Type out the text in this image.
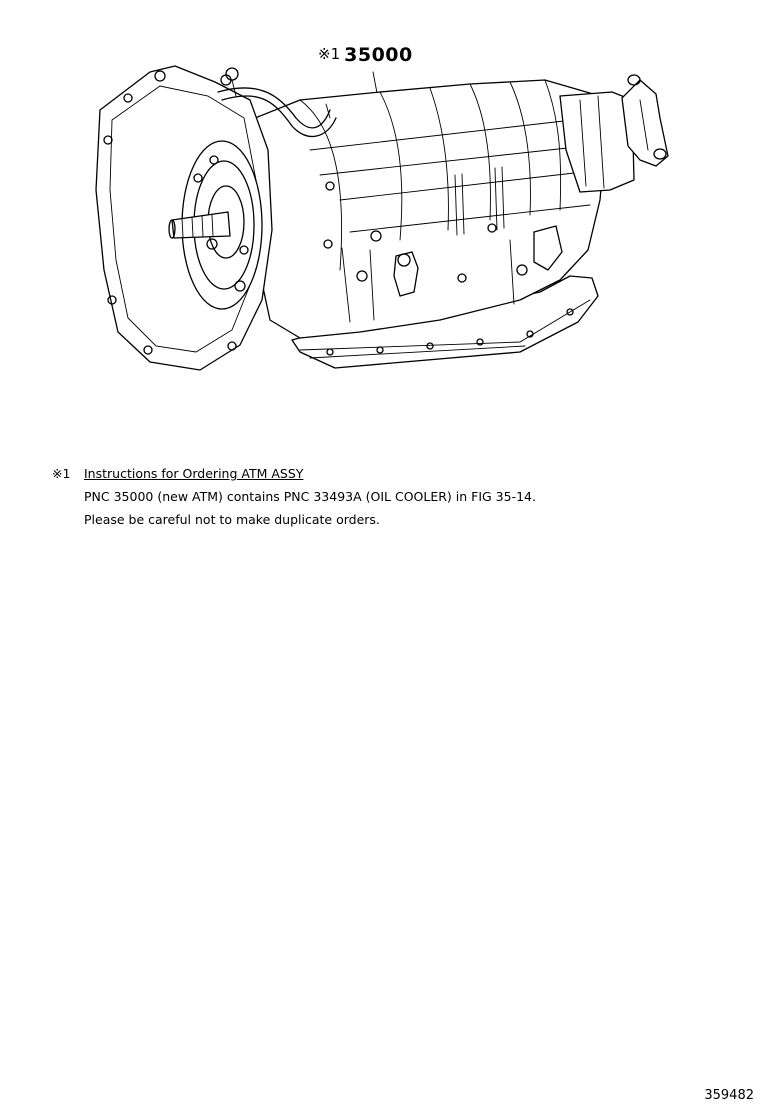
※1 35000
※1 Instructions for Ordering ATM ASSY
PNC 35000 (new ATM) contains PNC 33493A (OIL COOLER) in FIG 35-14.
Please be careful not to make duplicate orders.
359482
